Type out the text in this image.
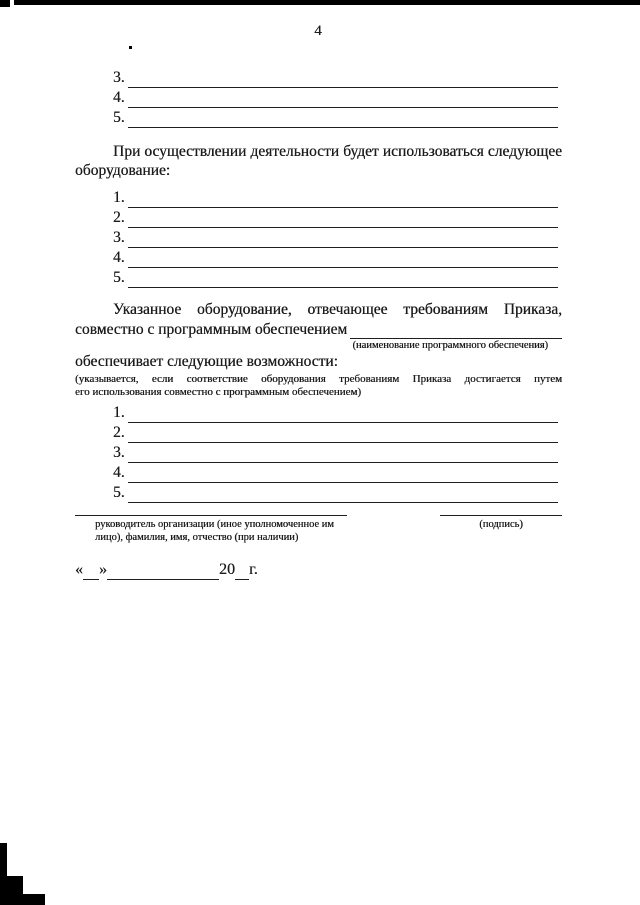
4
3.
4.
5.
При осуществлении деятельности будет использоваться следующее
оборудование:
1.
2.
3.
4.
5.
Указанное оборудование, отвечающее требованиям Приказа,
совместно с программным обеспечением
(наименование программного обеспечения)
обеспечивает следующие возможности:
(указывается, если соответствие оборудования требованиям Приказа достигается путем
его использования совместно с программным обеспечением)
1.
2.
3.
4.
5.
руководитель организации (иное уполномоченное им лицо), фамилия, имя, отчество (при наличии)
(подпись)
« »	20 г.
